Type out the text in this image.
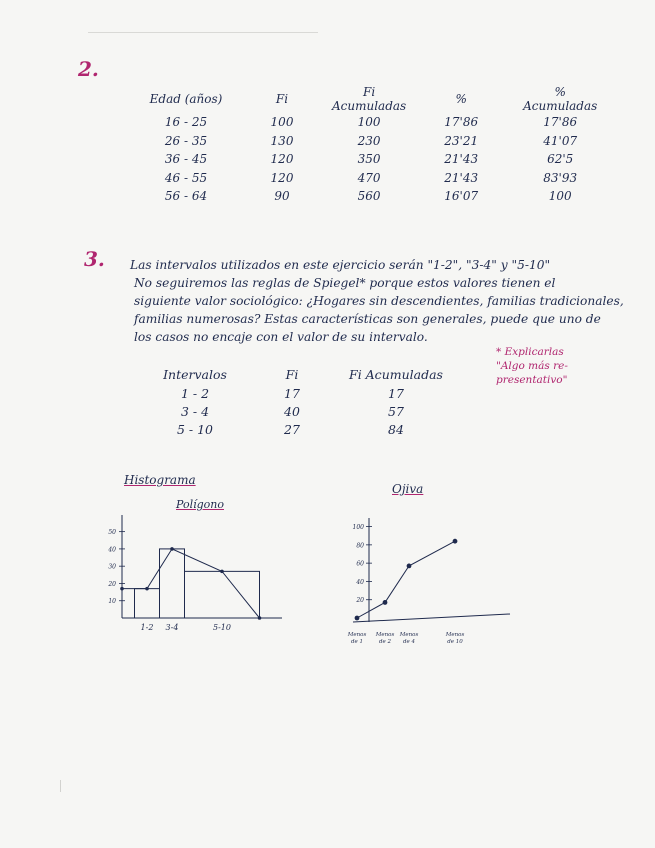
2.
Edad (años)	Fi	Fi Acumuladas	%	% Acumuladas
16 - 25	100	100	17'86	17'86
26 - 35	130	230	23'21	41'07
36 - 45	120	350	21'43	62'5
46 - 55	120	470	21'43	83'93
56 - 64	90	560	16'07	100
3. Las intervalos utilizados en este ejercicio serán "1-2", "3-4" y "5-10"
No seguiremos las reglas de Spiegel* porque estos valores tienen el
siguiente valor sociológico: ¿Hogares sin descendientes, familias tradicionales,
familias numerosas? Estas características son generales, puede que uno de
los casos no encaje con el valor de su intervalo.
* Explicarlas
"Algo más re-
presentativo"
Intervalos	Fi	Fi Acumuladas
1 - 2	17	17
3 - 4	40	57
5 - 10	27	84
Histograma
Polígono
Ojiva
10
20
30
40
50
1-2 3-4	5-10
20
40
60
80
100
Menos
de 1
Menos
de 2
Menos
de 4
Menos
de 10
